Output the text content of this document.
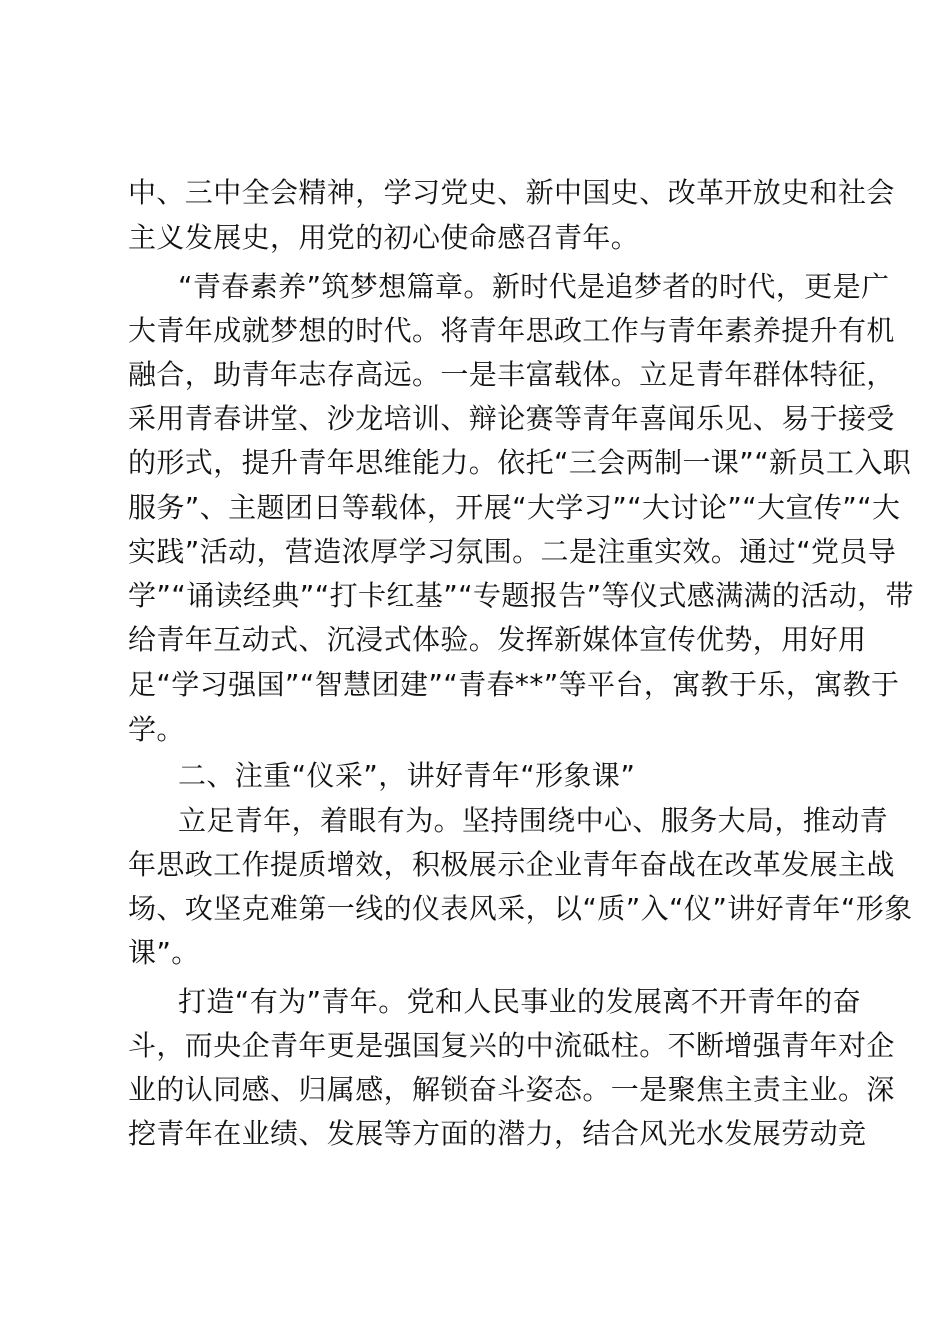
中、三中全会精神，学习党史、新中国史、改革开放史和社会
主义发展史，用党的初心使命感召青年。
“青春素养”筑梦想篇章。新时代是追梦者的时代，更是广
大青年成就梦想的时代。将青年思政工作与青年素养提升有机
融合，助青年志存高远。一是丰富载体。立足青年群体特征，
采用青春讲堂、沙龙培训、辩论赛等青年喜闻乐见、易于接受
的形式，提升青年思维能力。依托“三会两制一课”“新员工入职
服务”、主题团日等载体，开展“大学习”“大讨论”“大宣传”“大
实践”活动，营造浓厚学习氛围。二是注重实效。通过“党员导
学”“诵读经典”“打卡红基”“专题报告”等仪式感满满的活动，带
给青年互动式、沉浸式体验。发挥新媒体宣传优势，用好用
足“学习强国”“智慧团建”“青春**”等平台，寓教于乐，寓教于
学。
二、注重“仪采”，讲好青年“形象课”
立足青年，着眼有为。坚持围绕中心、服务大局，推动青
年思政工作提质增效，积极展示企业青年奋战在改革发展主战
场、攻坚克难第一线的仪表风采，以“质”入“仪”讲好青年“形象
课”。
打造“有为”青年。党和人民事业的发展离不开青年的奋
斗，而央企青年更是强国复兴的中流砥柱。不断增强青年对企
业的认同感、归属感，解锁奋斗姿态。一是聚焦主责主业。深
挖青年在业绩、发展等方面的潜力，结合风光水发展劳动竞
